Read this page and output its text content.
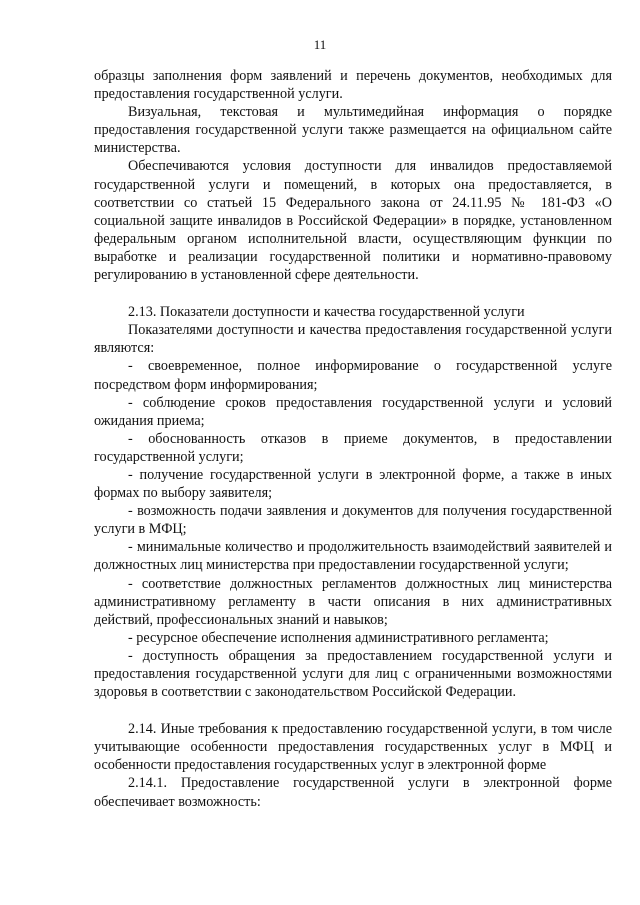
11

образцы заполнения форм заявлений и перечень документов, необходимых для предоставления государственной услуги.

Визуальная, текстовая и мультимедийная информация о порядке предоставления государственной услуги также размещается на официальном сайте министерства.

Обеспечиваются условия доступности для инвалидов предоставляемой государственной услуги и помещений, в которых она предоставляется, в соответствии со статьей 15 Федерального закона от 24.11.95 № 181-ФЗ «О социальной защите инвалидов в Российской Федерации» в порядке, установленном федеральным органом исполнительной власти, осуществляющим функции по выработке и реализации государственной политики и нормативно-правовому регулированию в установленной сфере деятельности.

2.13. Показатели доступности и качества государственной услуги

Показателями доступности и качества предоставления государственной услуги являются:

- своевременное, полное информирование о государственной услуге посредством форм информирования;

- соблюдение сроков предоставления государственной услуги и условий ожидания приема;

- обоснованность отказов в приеме документов, в предоставлении государственной услуги;

- получение государственной услуги в электронной форме, а также в иных формах по выбору заявителя;

- возможность подачи заявления и документов для получения государственной услуги в МФЦ;

- минимальные количество и продолжительность взаимодействий заявителей и должностных лиц министерства при предоставлении государственной услуги;

- соответствие должностных регламентов должностных лиц министерства административному регламенту в части описания в них административных действий, профессиональных знаний и навыков;

- ресурсное обеспечение исполнения административного регламента;

- доступность обращения за предоставлением государственной услуги и предоставления государственной услуги для лиц с ограниченными возможностями здоровья в соответствии с законодательством Российской Федерации.

2.14. Иные требования к предоставлению государственной услуги, в том числе учитывающие особенности предоставления государственных услуг в МФЦ и особенности предоставления государственных услуг в электронной форме

2.14.1. Предоставление государственной услуги в электронной форме обеспечивает возможность:
